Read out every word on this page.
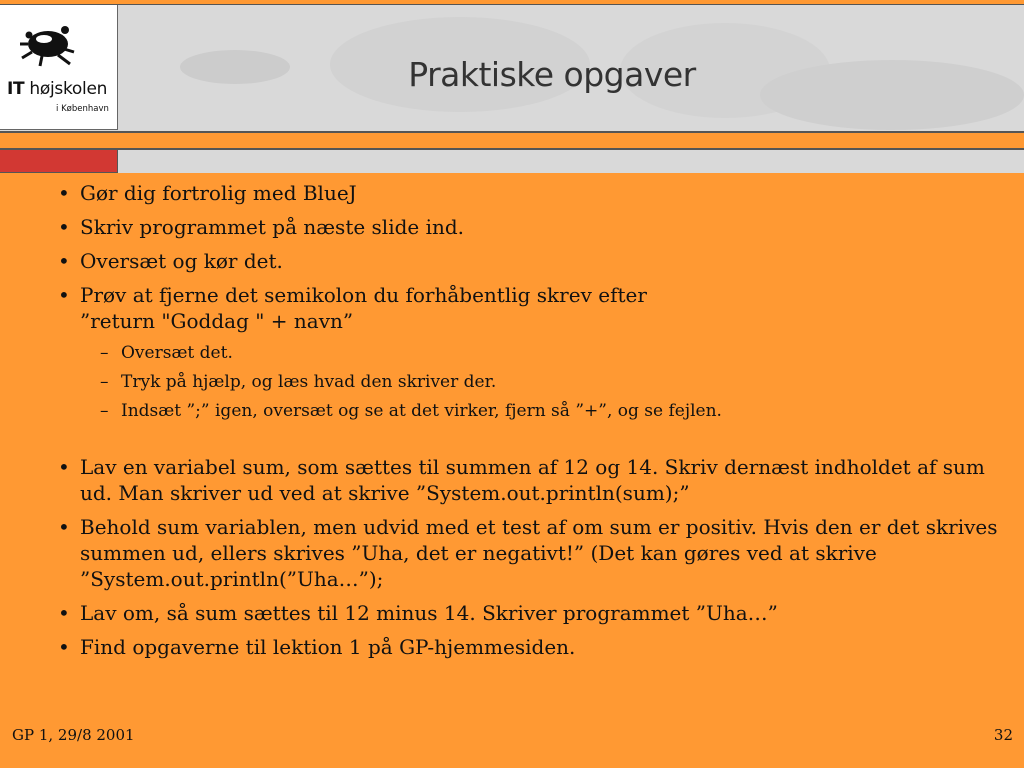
Praktiske opgaver
IT højskolen
i København
• Gør dig fortrolig med BlueJ
• Skriv programmet på næste slide ind.
• Oversæt og kør det.
• Prøv at fjerne det semikolon du forhåbentlig skrev efter
”return "Goddag " + navn”
– Oversæt det.
– Tryk på hjælp, og læs hvad den skriver der.
– Indsæt ”;” igen, oversæt og se at det virker, fjern så ”+”, og se fejlen.
• Lav en variabel sum, som sættes til summen af 12 og 14. Skriv dernæst indholdet af sum ud. Man skriver ud ved at skrive ”System.out.println(sum);”
• Behold sum variablen, men udvid med et test af om sum er positiv. Hvis den er det skrives summen ud, ellers skrives ”Uha, det er negativt!” (Det kan gøres ved at skrive ”System.out.println(”Uha…”);
• Lav om, så sum sættes til 12 minus 14. Skriver programmet ”Uha…”
• Find opgaverne til lektion 1 på GP-hjemmesiden.
GP 1, 29/8 2001	32
